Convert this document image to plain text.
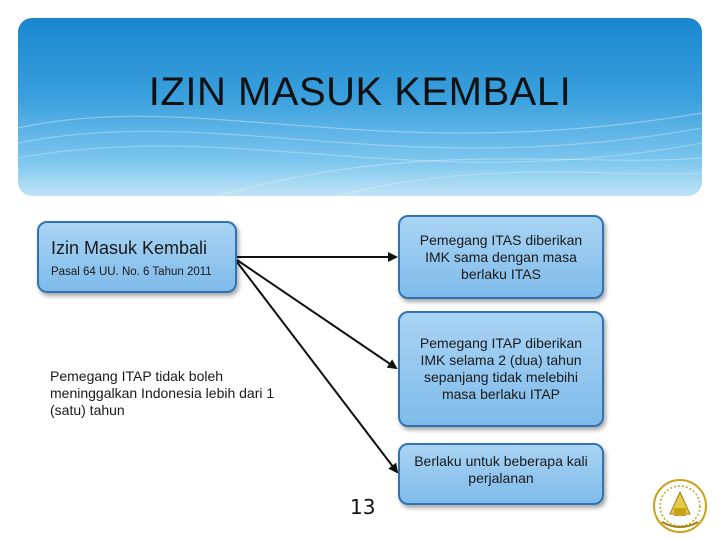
IZIN MASUK KEMBALI
Izin Masuk Kembali
Pasal 64 UU. No. 6 Tahun 2011
Pemegang ITAS diberikan IMK sama dengan masa berlaku ITAS
Pemegang ITAP diberikan IMK selama 2 (dua) tahun sepanjang tidak melebihi masa berlaku ITAP
Berlaku untuk beberapa kali perjalanan
Pemegang ITAP tidak boleh meninggalkan Indonesia lebih dari 1 (satu) tahun
13
